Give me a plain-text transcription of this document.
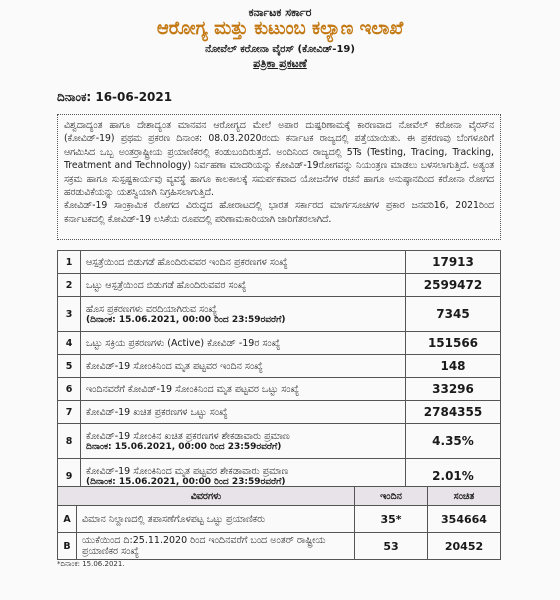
ಕರ್ನಾಟಕ ಸರ್ಕಾರ
ಆರೋಗ್ಯ ಮತ್ತು ಕುಟುಂಬ ಕಲ್ಯಾಣ ಇಲಾಖೆ
ನೋವೆಲ್ ಕರೋನಾ ವೈರಸ್ (ಕೋವಿಡ್-19)
ಪತ್ರಿಕಾ ಪ್ರಕಟಣೆ
ದಿನಾಂಕ: 16-06-2021

ವಿಶ್ವದಾದ್ಯಂತ ಹಾಗೂ ದೇಶಾದ್ಯಂತ ಮಾನವನ ಆರೋಗ್ಯದ ಮೇಲೆ ಅಪಾರ ದುಷ್ಪರಿಣಾಮಕ್ಕೆ ಕಾರಣವಾದ ನೋವೆಲ್ ಕರೋನಾ ವೈರಸ್‌ನ (ಕೋವಿಡ್-19) ಪ್ರಥಮ ಪ್ರಕರಣ ದಿನಾಂಕ: 08.03.2020ರಂದು ಕರ್ನಾಟಕ ರಾಜ್ಯದಲ್ಲಿ ಪತ್ತೆಯಾಯಿತು. ಈ ಪ್ರಕರಣವು ಬೆಂಗಳೂರಿಗೆ ಆಗಮಿಸಿದ ಒಬ್ಬ ಅಂತರ್ರಾಷ್ಟ್ರೀಯ ಪ್ರಯಾಣಿಕರಲ್ಲಿ ಕಂಡುಬಂದಿರುತ್ತದೆ. ಅಂದಿನಿಂದ ರಾಜ್ಯದಲ್ಲಿ 5Ts (Testing, Tracing, Tracking, Treatment and Technology) ನಿರ್ವಹಣಾ ಮಾದರಿಯನ್ನು ಕೋವಿಡ್-19ರೋಗವನ್ನು ನಿಯಂತ್ರಣ ಮಾಡಲು ಬಳಸಲಾಗುತ್ತಿದೆ. ಅತ್ಯಂತ ಸಕ್ರಮ ಹಾಗೂ ಸುಸ್ಪಷ್ಟಕಾರ್ಯವು ವ್ಯವಸ್ಥೆ ಹಾಗೂ ಕಾಲಕಾಲಕ್ಕೆ ಸಮರ್ಪಕವಾದ ಯೋಜನೆಗಳ ರಚನೆ ಹಾಗೂ ಅನುಷ್ಠಾನದಿಂದ ಕರೋನಾ ರೋಗದ ಹರಡುವಿಕೆಯನ್ನು ಯಶಸ್ವಿಯಾಗಿ ನಿಗ್ರಹಿಸಲಾಗುತ್ತಿದೆ.

ಕೋವಿಡ್-19 ಸಾಂಕ್ರಾಮಿಕ ರೋಗದ ವಿರುದ್ಧದ ಹೋರಾಟದಲ್ಲಿ ಭಾರತ ಸರ್ಕಾರದ ಮಾರ್ಗಸೂಚಿಗಳ ಪ್ರಕಾರ ಜನವರಿ16, 2021ರಿಂದ ಕರ್ನಾಟಕದಲ್ಲಿ ಕೋವಿಡ್-19 ಲಸಿಕೆಯ ರೂಪದಲ್ಲಿ ಪರಿಣಾಮಕಾರಿಯಾಗಿ ಜಾರಿಗೆತರಲಾಗಿದೆ.

1	ಆಸ್ಪತ್ರೆಯಿಂದ ಬಿಡುಗಡೆ ಹೊಂದಿರುವವರ ಇಂದಿನ ಪ್ರಕರಣಗಳ ಸಂಖ್ಯೆ	17913
2	ಒಟ್ಟು ಆಸ್ಪತ್ರೆಯಿಂದ ಬಿಡುಗಡೆ ಹೊಂದಿರುವವರ ಸಂಖ್ಯೆ	2599472
3	ಹೊಸ ಪ್ರಕರಣಗಳು ವರದಿಯಾಗಿರುವ ಸಂಖ್ಯೆ
(ದಿನಾಂಕ: 15.06.2021, 00:00 ರಿಂದ 23:59ರವರೆಗೆ)	7345
4	ಒಟ್ಟು ಸಕ್ರಿಯ ಪ್ರಕರಣಗಳು (Active) ಕೋವಿಡ್ -19ರ ಸಂಖ್ಯೆ	151566
5	ಕೋವಿಡ್-19 ಸೋಂಕಿನಿಂದ ಮೃತ ಪಟ್ಟವರ ಇಂದಿನ ಸಂಖ್ಯೆ	148
6	ಇಂದಿನವರೆಗೆ ಕೋವಿಡ್-19 ಸೋಂಕಿನಿಂದ ಮೃತ ಪಟ್ಟವರ ಒಟ್ಟು ಸಂಖ್ಯೆ	33296
7	ಕೋವಿಡ್-19 ಖಚಿತ ಪ್ರಕರಣಗಳ ಒಟ್ಟು ಸಂಖ್ಯೆ	2784355
8	ಕೋವಿಡ್-19 ಸೋಂಕಿನ ಖಚಿತ ಪ್ರಕರಣಗಳ ಶೇಕಡಾವಾರು ಪ್ರಮಾಣ
ದಿನಾಂಕ: 15.06.2021, 00:00 ರಿಂದ 23:59ರವರೆಗೆ)	4.35%
9	ಕೋವಿಡ್-19 ಸೋಂಕಿನಿಂದ ಮೃತ ಪಟ್ಟವರ ಶೇಕಡಾವಾರು ಪ್ರಮಾಣ
(ದಿನಾಂಕ: 15.06.2021, 00:00 ರಿಂದ 23:59ರವರೆಗೆ)	2.01%
ವಿವರಗಳು		ಇಂದಿನ	ಸಂಚಿತ
A	ವಿಮಾನ ನಿಲ್ದಾಣದಲ್ಲಿ ತಪಾಸಣೆಗೊಳಪಟ್ಟ ಒಟ್ಟು ಪ್ರಯಾಣಿಕರು	35*	354664
B	ಯುಕೆಯಿಂದ ದಿ:25.11.2020 ರಿಂದ ಇಂದಿನವರೆಗೆ ಬಂದ ಅಂತರ್ ರಾಷ್ಟ್ರೀಯ ಪ್ರಯಾಣಿಕರ ಸಂಖ್ಯೆ	53	20452
*ದಿನಾಂಕ: 15.06.2021.
